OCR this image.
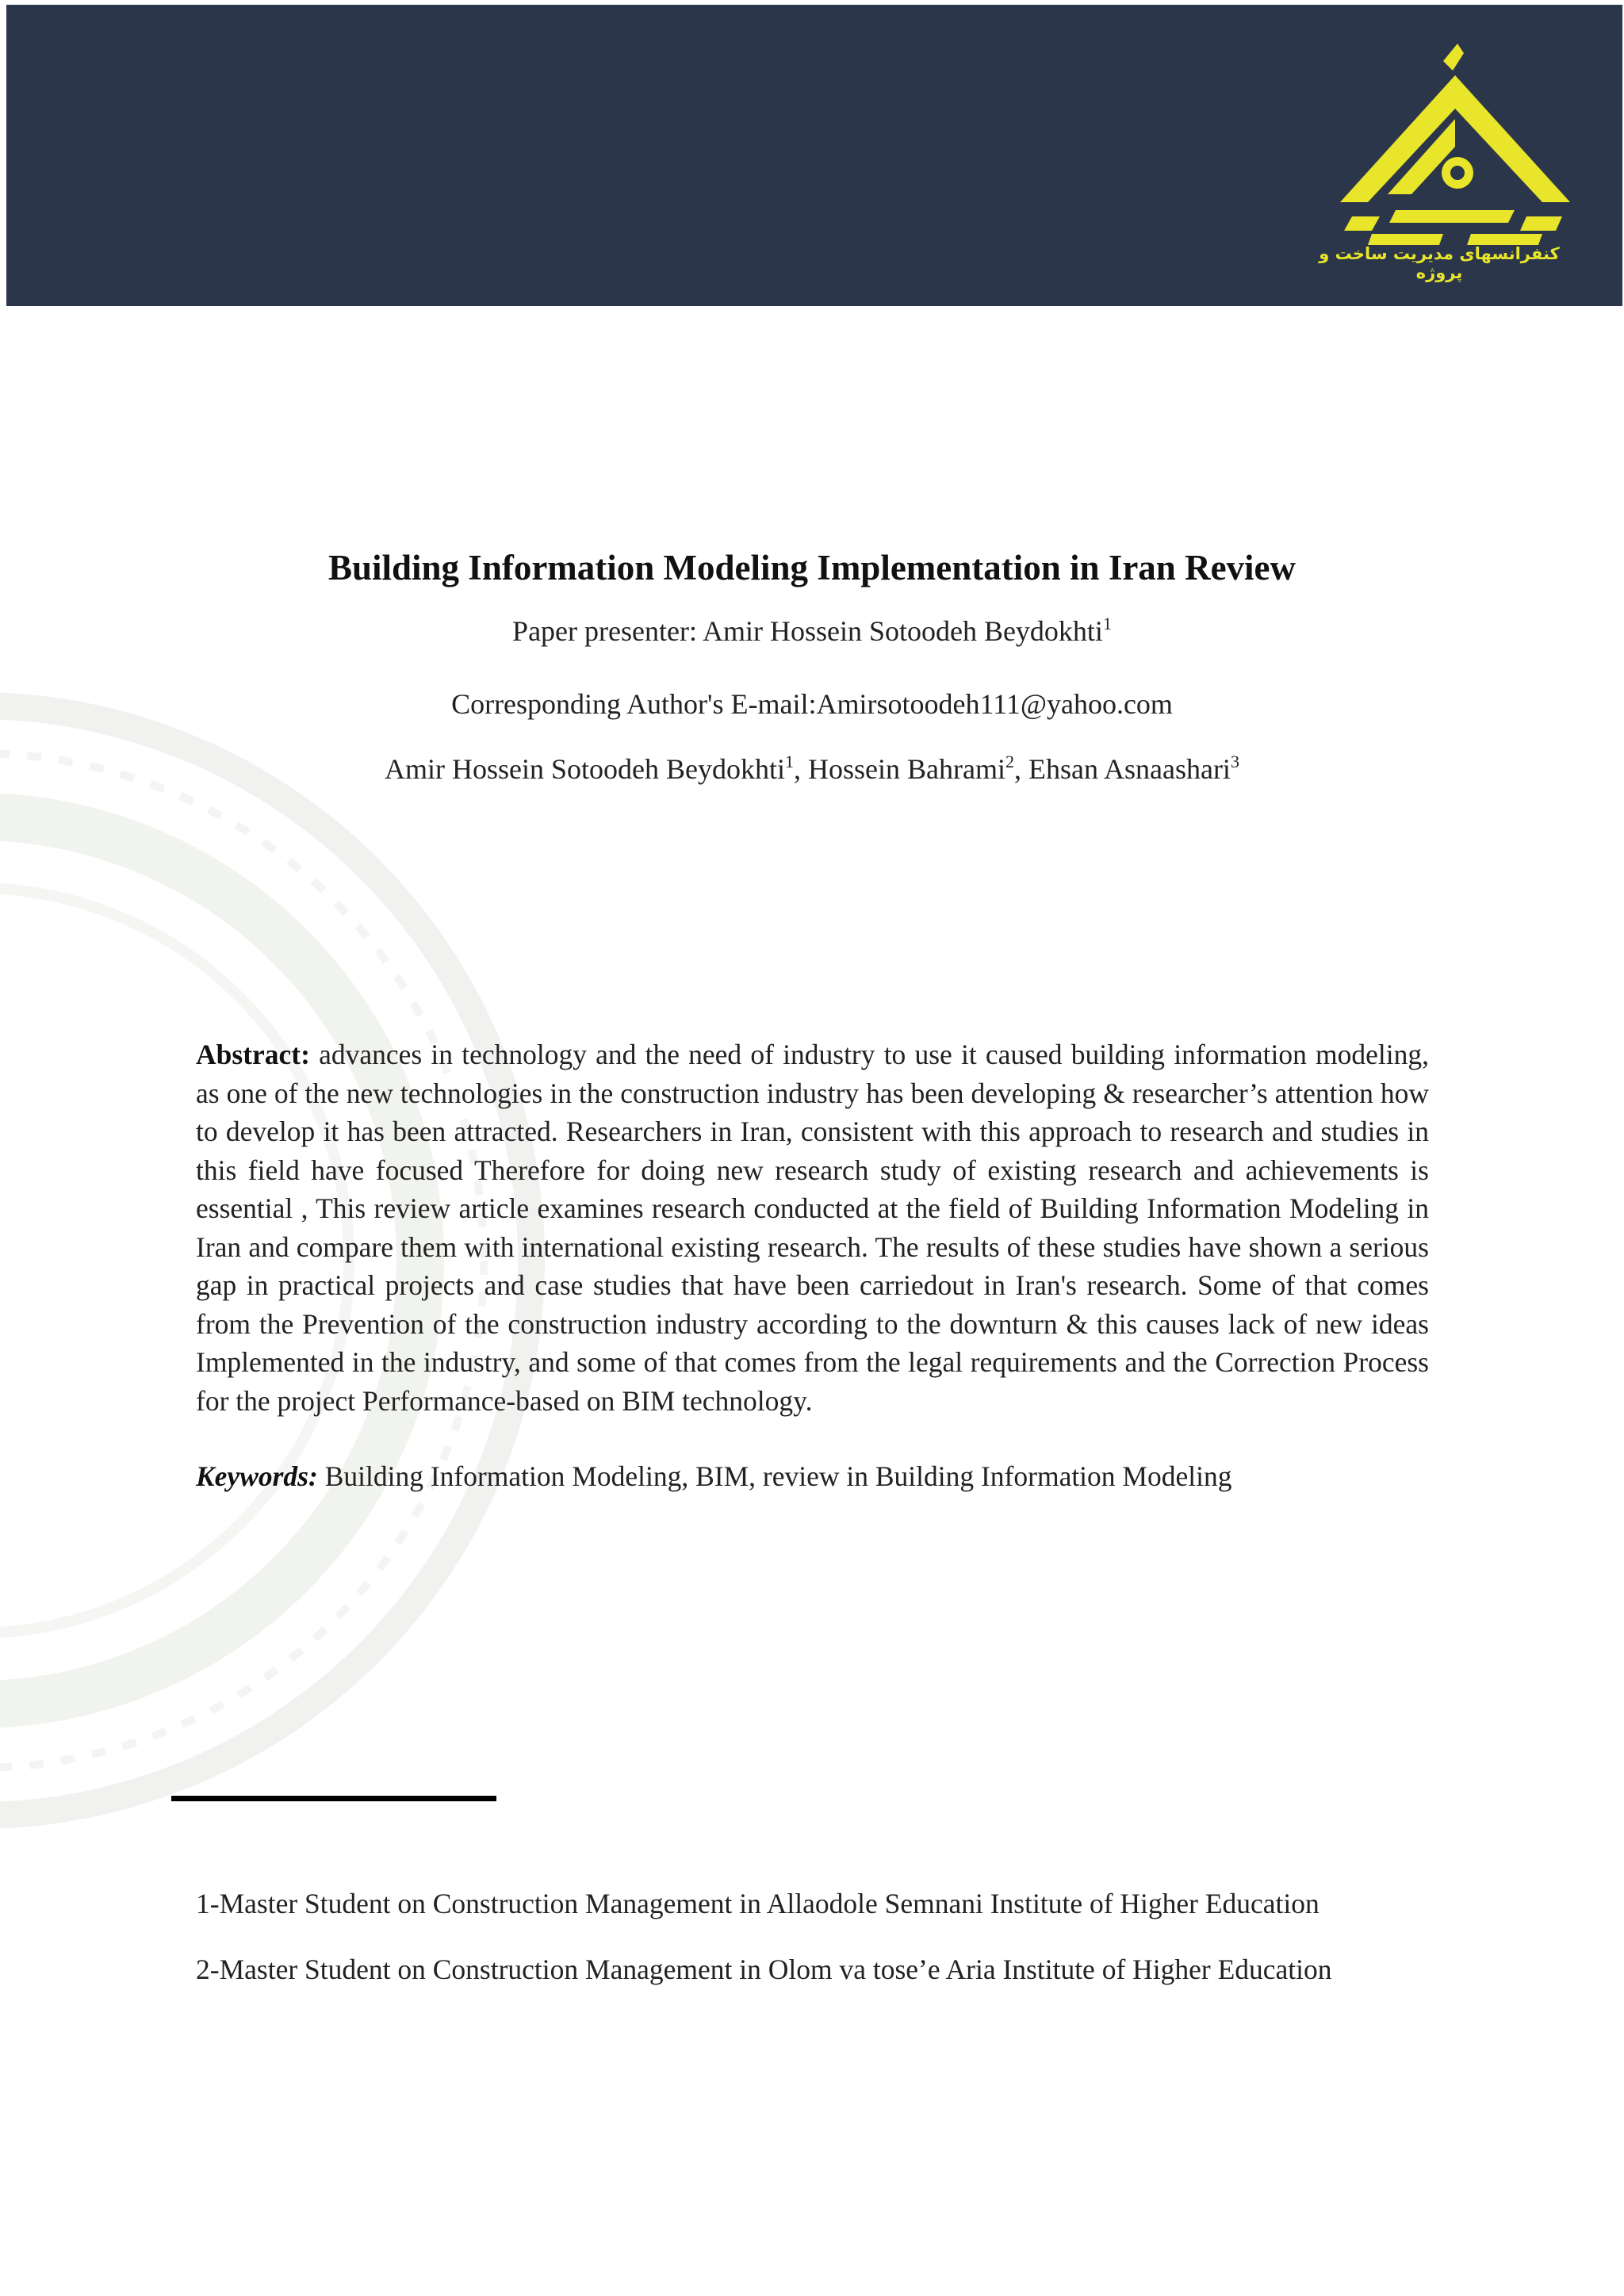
کنفرانسهای مدیریت ساخت و پروژه
Building Information Modeling Implementation in Iran Review
Paper presenter: Amir Hossein Sotoodeh Beydokhti$^1$
Corresponding Author's E-mail:Amirsotoodeh111@yahoo.com
Amir Hossein Sotoodeh Beydokhti$^1$, Hossein Bahrami$^2$, Ehsan Asnaashari$^3$
Abstract: advances in technology and the need of industry to use it caused building information modeling, as one of the new technologies in the construction industry has been developing & researcher’s attention how to develop it has been attracted. Researchers in Iran, consistent with this approach to research and studies in this field have focused Therefore for doing new research study of existing research and achievements is essential , This review article examines research conducted at the field of Building Information Modeling in Iran and compare them with international existing research. The results of these studies have shown a serious gap in practical projects and case studies that have been carriedout in Iran's research. Some of that comes from the Prevention of the construction industry according to the downturn & this causes lack of new ideas Implemented in the industry, and some of that comes from the legal requirements and the Correction Process for the project Performance-based on BIM technology.
Keywords: Building Information Modeling, BIM, review in Building Information Modeling
1-Master Student on Construction Management in Allaodole Semnani Institute of Higher Education
2-Master Student on Construction Management in Olom va tose’e Aria Institute of Higher Education
